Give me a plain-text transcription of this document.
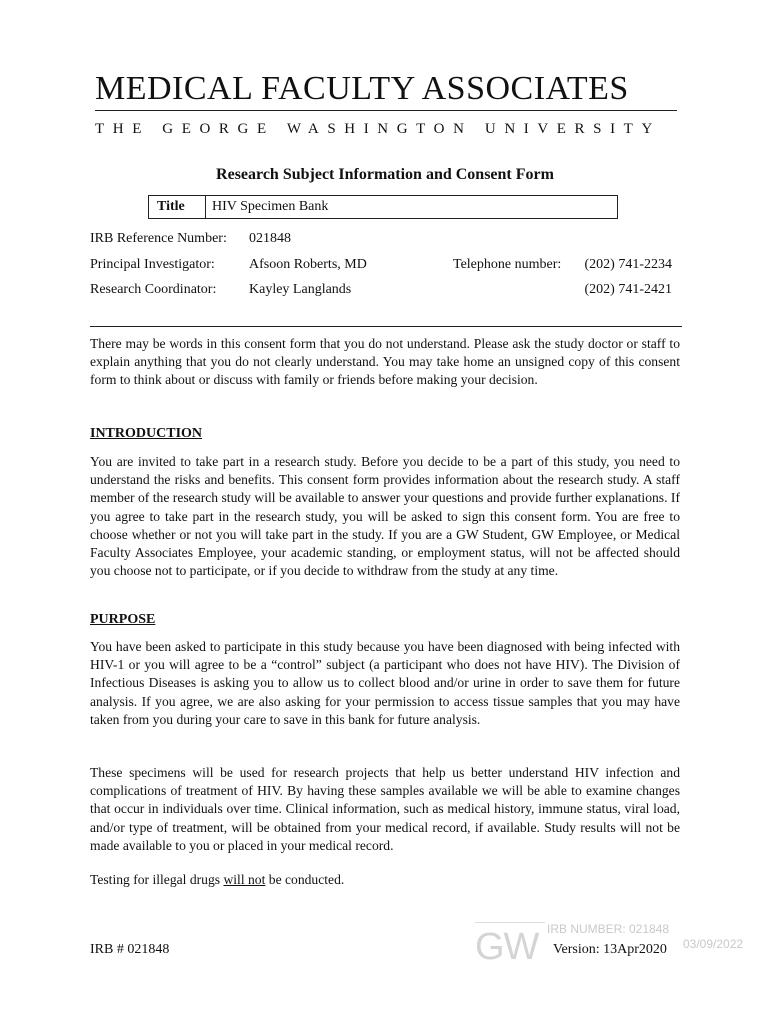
MEDICAL FACULTY ASSOCIATES
THE GEORGE WASHINGTON UNIVERSITY
Research Subject Information and Consent Form
Title	HIV Specimen Bank
IRB Reference Number: 021848
Principal Investigator: Afsoon Roberts, MD	Telephone number: (202) 741-2234
Research Coordinator: Kayley Langlands	(202) 741-2421
There may be words in this consent form that you do not understand. Please ask the study doctor or staff to explain anything that you do not clearly understand. You may take home an unsigned copy of this consent form to think about or discuss with family or friends before making your decision.
INTRODUCTION
You are invited to take part in a research study. Before you decide to be a part of this study, you need to understand the risks and benefits. This consent form provides information about the research study. A staff member of the research study will be available to answer your questions and provide further explanations. If you agree to take part in the research study, you will be asked to sign this consent form. You are free to choose whether or not you will take part in the study. If you are a GW Student, GW Employee, or Medical Faculty Associates Employee, your academic standing, or employment status, will not be affected should you choose not to participate, or if you decide to withdraw from the study at any time.
PURPOSE
You have been asked to participate in this study because you have been diagnosed with being infected with HIV-1 or you will agree to be a “control” subject (a participant who does not have HIV). The Division of Infectious Diseases is asking you to allow us to collect blood and/or urine in order to save them for future analysis. If you agree, we are also asking for your permission to access tissue samples that you may have taken from you during your care to save in this bank for future analysis.
These specimens will be used for research projects that help us better understand HIV infection and complications of treatment of HIV. By having these samples available we will be able to examine changes that occur in individuals over time. Clinical information, such as medical history, immune status, viral load, and/or type of treatment, will be obtained from your medical record, if available. Study results will not be made available to you or placed in your medical record.
Testing for illegal drugs will not be conducted.
GW IRB NUMBER: 021848
03/09/2022
IRB # 021848	Version: 13Apr2020
